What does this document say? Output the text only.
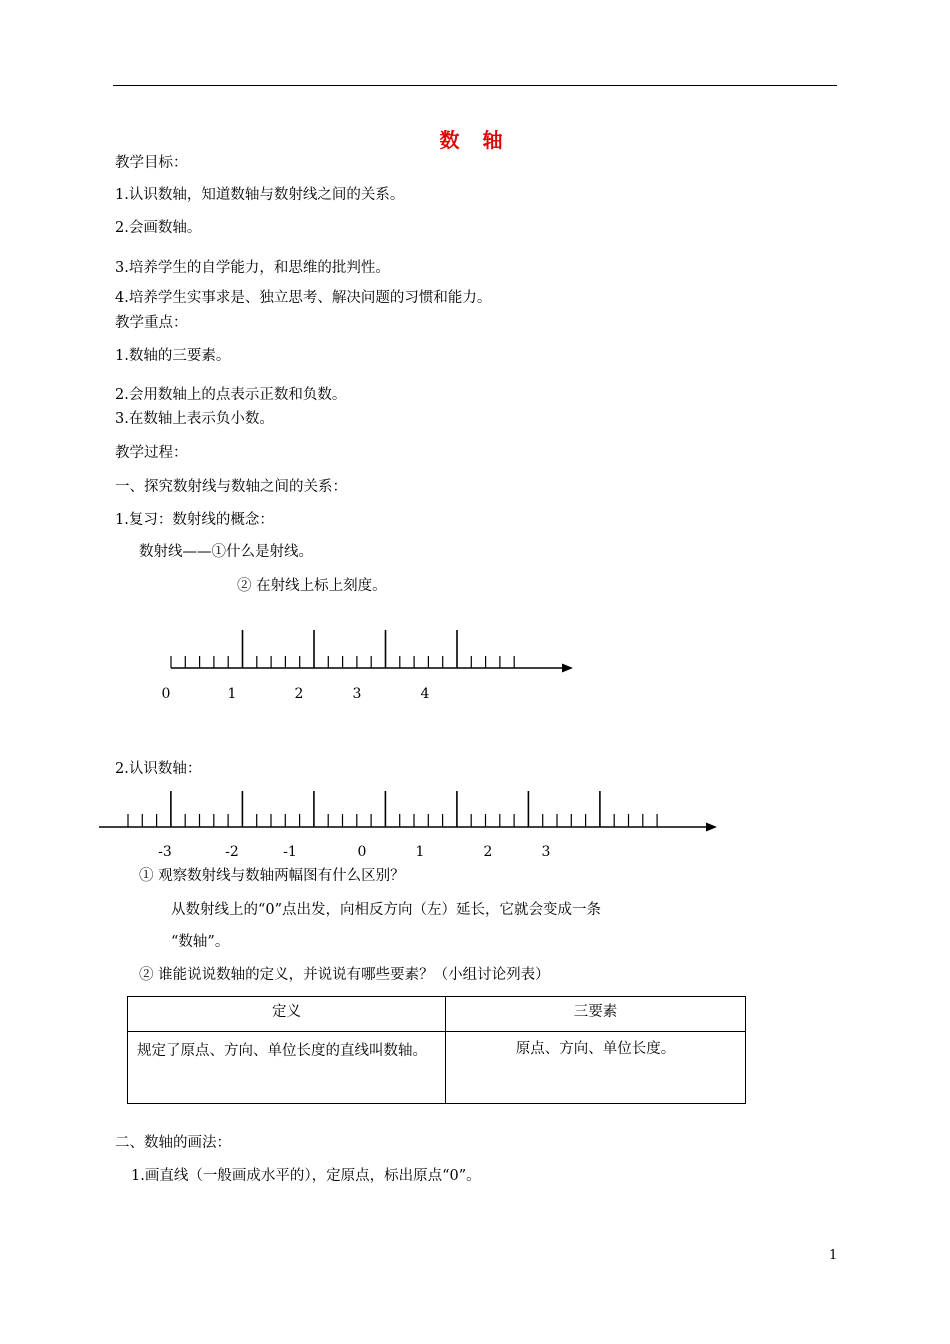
数 轴
教学目标：
1.认识数轴，知道数轴与数射线之间的关系。
2.会画数轴。
3.培养学生的自学能力，和思维的批判性。
4.培养学生实事求是、独立思考、解决问题的习惯和能力。
教学重点：
1.数轴的三要素。
2.会用数轴上的点表示正数和负数。
3.在数轴上表示负小数。
教学过程：
一、探究数射线与数轴之间的关系：
1.复习：数射线的概念：
数射线——①什么是射线。
② 在射线上标上刻度。
0	1	2	3	4
2.认识数轴：
-3	-2	-1	0	1	2	3
① 观察数射线与数轴两幅图有什么区别？
从数射线上的“0”点出发，向相反方向（左）延长，它就会变成一条
“数轴”。
② 谁能说说数轴的定义，并说说有哪些要素？（小组讨论列表）
定义	三要素
规定了原点、方向、单位长度的直线叫数轴。	原点、方向、单位长度。
二、数轴的画法：
1.画直线（一般画成水平的），定原点，标出原点“0”。
1
